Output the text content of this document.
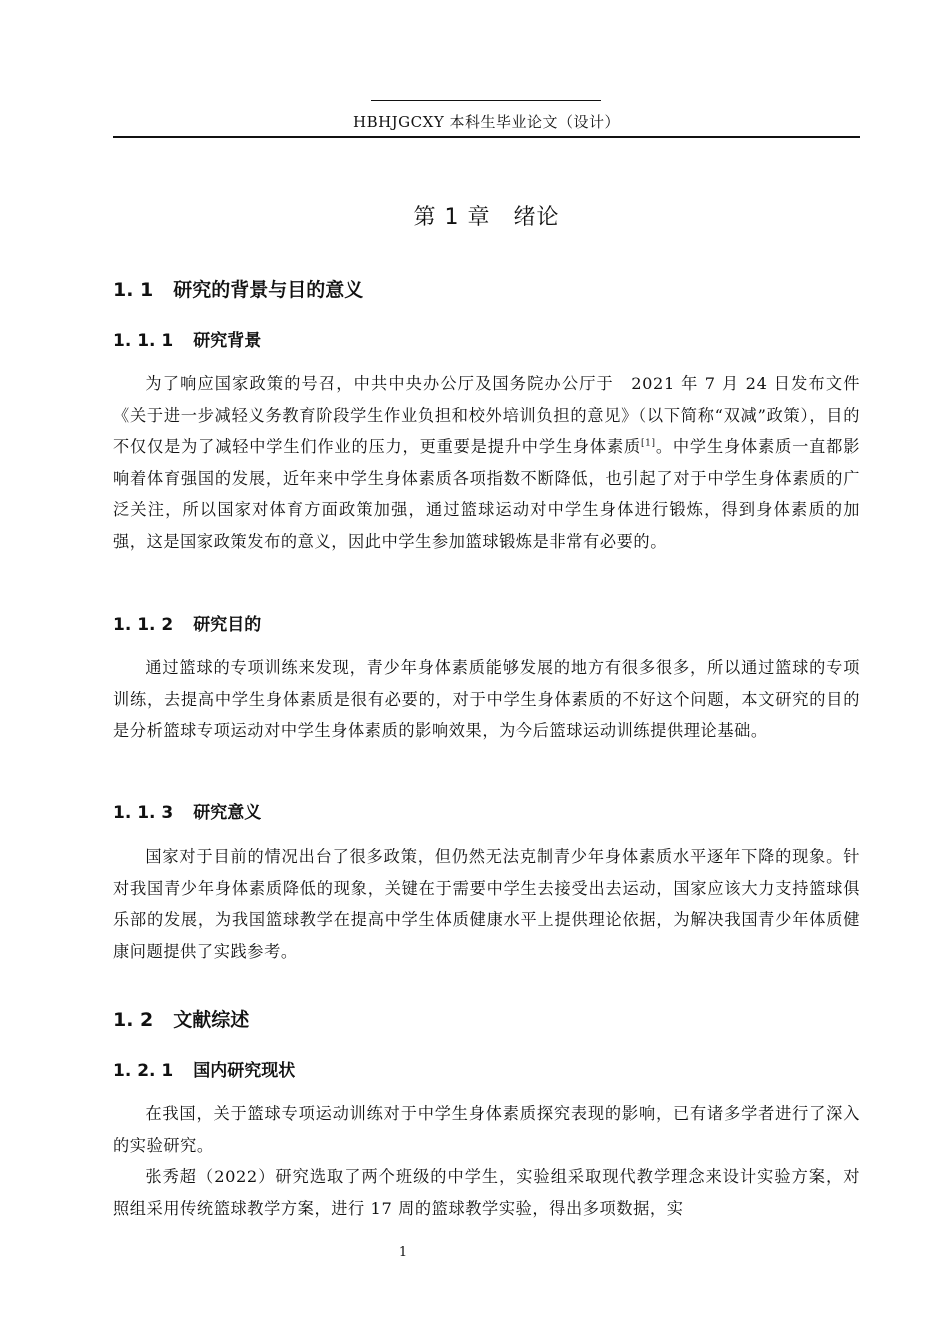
HBHJGCXY 本科生毕业论文（设计）
第 1 章　绪论
1. 1 研究的背景与目的意义
1. 1. 1 研究背景

为了响应国家政策的号召，中共中央办公厅及国务院办公厅于　2021 年 7 月 24 日发布文件《关于进一步减轻义务教育阶段学生作业负担和校外培训负担的意见》（以下简称“双减”政策），目的不仅仅是为了减轻中学生们作业的压力，更重要是提升中学生身体素质[1]。中学生身体素质一直都影响着体育强国的发展，近年来中学生身体素质各项指数不断降低，也引起了对于中学生身体素质的广泛关注，所以国家对体育方面政策加强，通过篮球运动对中学生身体进行锻炼，得到身体素质的加强，这是国家政策发布的意义，因此中学生参加篮球锻炼是非常有必要的。

1. 1. 2 研究目的

通过篮球的专项训练来发现，青少年身体素质能够发展的地方有很多很多，所以通过篮球的专项训练，去提高中学生身体素质是很有必要的，对于中学生身体素质的不好这个问题，本文研究的目的是分析篮球专项运动对中学生身体素质的影响效果，为今后篮球运动训练提供理论基础。

1. 1. 3 研究意义

国家对于目前的情况出台了很多政策，但仍然无法克制青少年身体素质水平逐年下降的现象。针对我国青少年身体素质降低的现象，关键在于需要中学生去接受出去运动，国家应该大力支持篮球俱乐部的发展，为我国篮球教学在提高中学生体质健康水平上提供理论依据，为解决我国青少年体质健康问题提供了实践参考。

1. 2 文献综述
1. 2. 1 国内研究现状

在我国，关于篮球专项运动训练对于中学生身体素质探究表现的影响，已有诸多学者进行了深入的实验研究。

张秀超（2022）研究选取了两个班级的中学生，实验组采取现代教学理念来设计实验方案，对照组采用传统篮球教学方案，进行 17 周的篮球教学实验，得出多项数据，实

1
